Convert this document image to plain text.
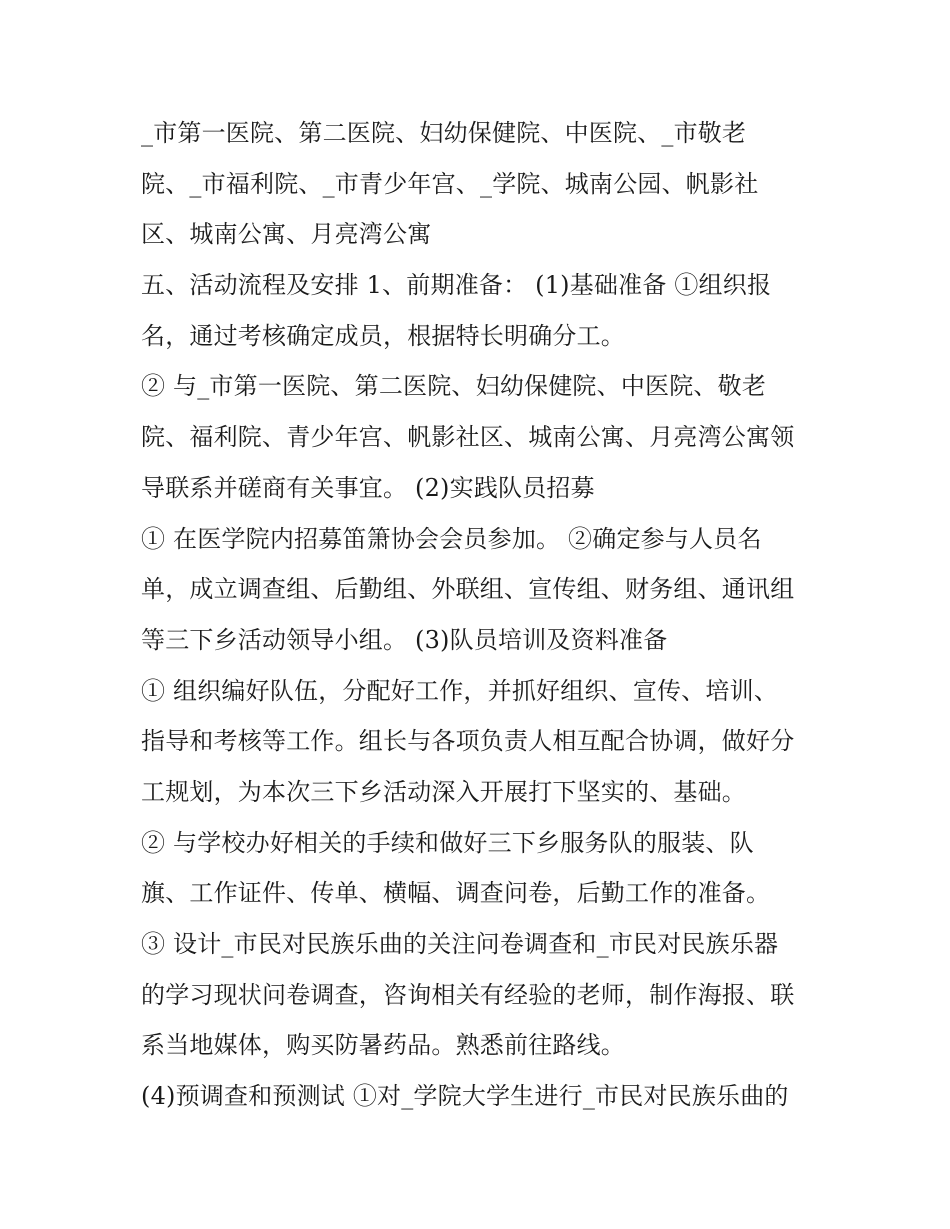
_市第一医院、第二医院、妇幼保健院、中医院、_市敬老
院、_市福利院、_市青少年宫、_学院、城南公园、帆影社
区、城南公寓、月亮湾公寓
五、活动流程及安排 1、前期准备： (1)基础准备 ①组织报
名，通过考核确定成员，根据特长明确分工。
② 与_市第一医院、第二医院、妇幼保健院、中医院、敬老
院、福利院、青少年宫、帆影社区、城南公寓、月亮湾公寓领
导联系并磋商有关事宜。 (2)实践队员招募
① 在医学院内招募笛箫协会会员参加。 ②确定参与人员名
单，成立调查组、后勤组、外联组、宣传组、财务组、通讯组
等三下乡活动领导小组。 (3)队员培训及资料准备
① 组织编好队伍，分配好工作，并抓好组织、宣传、培训、
指导和考核等工作。组长与各项负责人相互配合协调，做好分
工规划，为本次三下乡活动深入开展打下坚实的、基础。
② 与学校办好相关的手续和做好三下乡服务队的服装、队
旗、工作证件、传单、横幅、调查问卷，后勤工作的准备。
③ 设计_市民对民族乐曲的关注问卷调查和_市民对民族乐器
的学习现状问卷调查，咨询相关有经验的老师，制作海报、联
系当地媒体，购买防暑药品。熟悉前往路线。
(4)预调查和预测试 ①对_学院大学生进行_市民对民族乐曲的
